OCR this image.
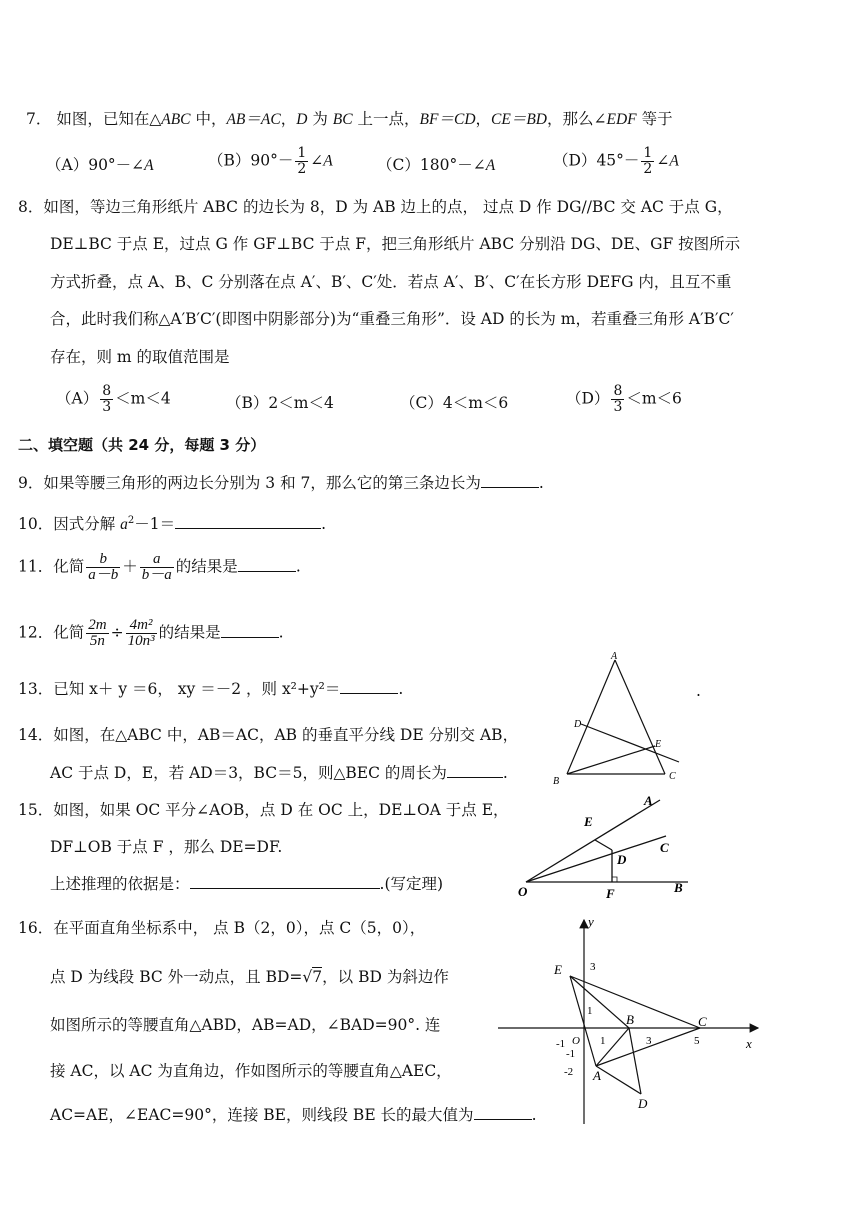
7． 如图，已知在△ABC 中，AB＝AC，D 为 BC 上一点，BF＝CD，CE＝BD，那么∠EDF 等于
（A）90°－∠A	$(B)90^\circ- \frac{1}{2}$ ∠A	（C）180°－∠A	$(D)45^\circ- \frac{1}{2}$ ∠A
8．如图，等边三角形纸片 ABC 的边长为 8，D 为 AB 边上的点， 过点 D 作 DG//BC 交 AC 于点 G，
DE⊥BC 于点 E，过点 G 作 GF⊥BC 于点 F，把三角形纸片 ABC 分别沿 DG、DE、GF 按图所示
方式折叠，点 A、B、C 分别落在点 A′、B′、C′处．若点 A′、B′、C′在长方形 DEFG 内，且互不重
合，此时我们称△A′B′C′(即图中阴影部分)为“重叠三角形”．设 AD 的长为 m，若重叠三角形 A′B′C′
存在，则 m 的取值范围是
$(A) \frac{8}{3} <m<4$	（B）2＜m＜4	（C）4＜m＜6	$(D) \frac{8}{3} <m<6$
二、填空题（共 24 分，每题 3 分）
9．如果等腰三角形的两边长分别为 3 和 7，那么它的第三条边长为	.
10．因式分解 $a^2-1=$	.
11．化简 $\frac{b}{a-b} + \frac{a}{b-a}$ 的结果是	.
12．化简 $\frac{2m}{5n} \div \frac{\text{4m²}}{\text{10n³}}$ 的结果是	.
13．已知 x＋ y ＝6， xy ＝－2 ，则 x²+y²＝	.	.
14．如图，在△ABC 中，AB＝AC，AB 的垂直平分线 DE 分别交 AB，
AC 于点 D，E，若 AD＝3，BC＝5，则△BEC 的周长为	.
15．如图，如果 OC 平分∠AOB，点 D 在 OC 上，DE⊥OA 于点 E，
DF⊥OB 于点 F ，那么 DE=DF.
上述推理的依据是：	.(写定理)
16．在平面直角坐标系中， 点 B（2，0），点 C（5，0），
点 D 为线段 BC 外一动点，且 BD=√7，以 BD 为斜边作
如图所示的等腰直角△ABD，AB=AD，∠BAD=90°. 连
接 AC，以 AC 为直角边，作如图所示的等腰直角△AEC，
AC=AE，∠EAC=90°，连接 BE，则线段 BE 长的最大值为	.
A
B	C
D
E
O
A
E
C
D
F	B
y
x
E	3
1
B	C
-1 O 1	3	5
-1
-2 A
D
